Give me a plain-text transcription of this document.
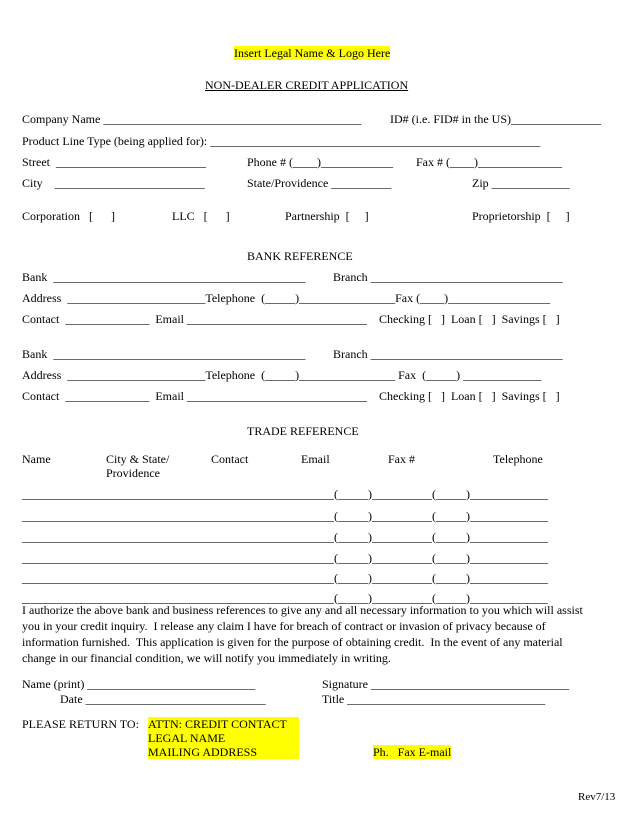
Insert Legal Name & Logo Here
NON-DEALER CREDIT APPLICATION
Company Name ___________________________________________ ID# (i.e. FID# in the US)_______________
Product Line Type (being applied for): _______________________________________________________
Street  _________________________	Phone # (____)____________ Fax # (____)______________
City    _________________________	State/Providence __________	Zip _____________
Corporation   [      ]	LLC   [      ]	Partnership  [     ]	Proprietorship  [     ]
BANK REFERENCE
Bank  __________________________________________ Branch ________________________________
Address  _______________________Telephone  (_____)________________Fax (____)_________________
Contact  ______________  Email ______________________________    Checking [   ]  Loan [   ]  Savings [   ]
Bank  __________________________________________ Branch ________________________________
Address  _______________________Telephone  (_____)________________ Fax  (_____) _____________
Contact  ______________  Email ______________________________    Checking [   ]  Loan [   ]  Savings [   ]
TRADE REFERENCE
Name	City & State/
Providence
Contact	Email	Fax #	Telephone
____________________________________________________(_____)__________(_____)_____________
____________________________________________________(_____)__________(_____)_____________
____________________________________________________(_____)__________(_____)_____________
____________________________________________________(_____)__________(_____)_____________
____________________________________________________(_____)__________(_____)_____________
____________________________________________________(_____)__________(_____)_____________
I authorize the above bank and business references to give any and all necessary information to you which will assist
you in your credit inquiry.  I release any claim I have for breach of contract or invasion of privacy because of
information furnished.  This application is given for the purpose of obtaining credit.  In the event of any material
change in our financial condition, we will notify you immediately in writing.
Name (print) ____________________________	Signature _________________________________
Date ______________________________	Title _________________________________
PLEASE RETURN TO: ATTN: CREDIT CONTACT
LEGAL NAME
MAILING ADDRESS	Ph.   Fax E-mail
Rev7/13
